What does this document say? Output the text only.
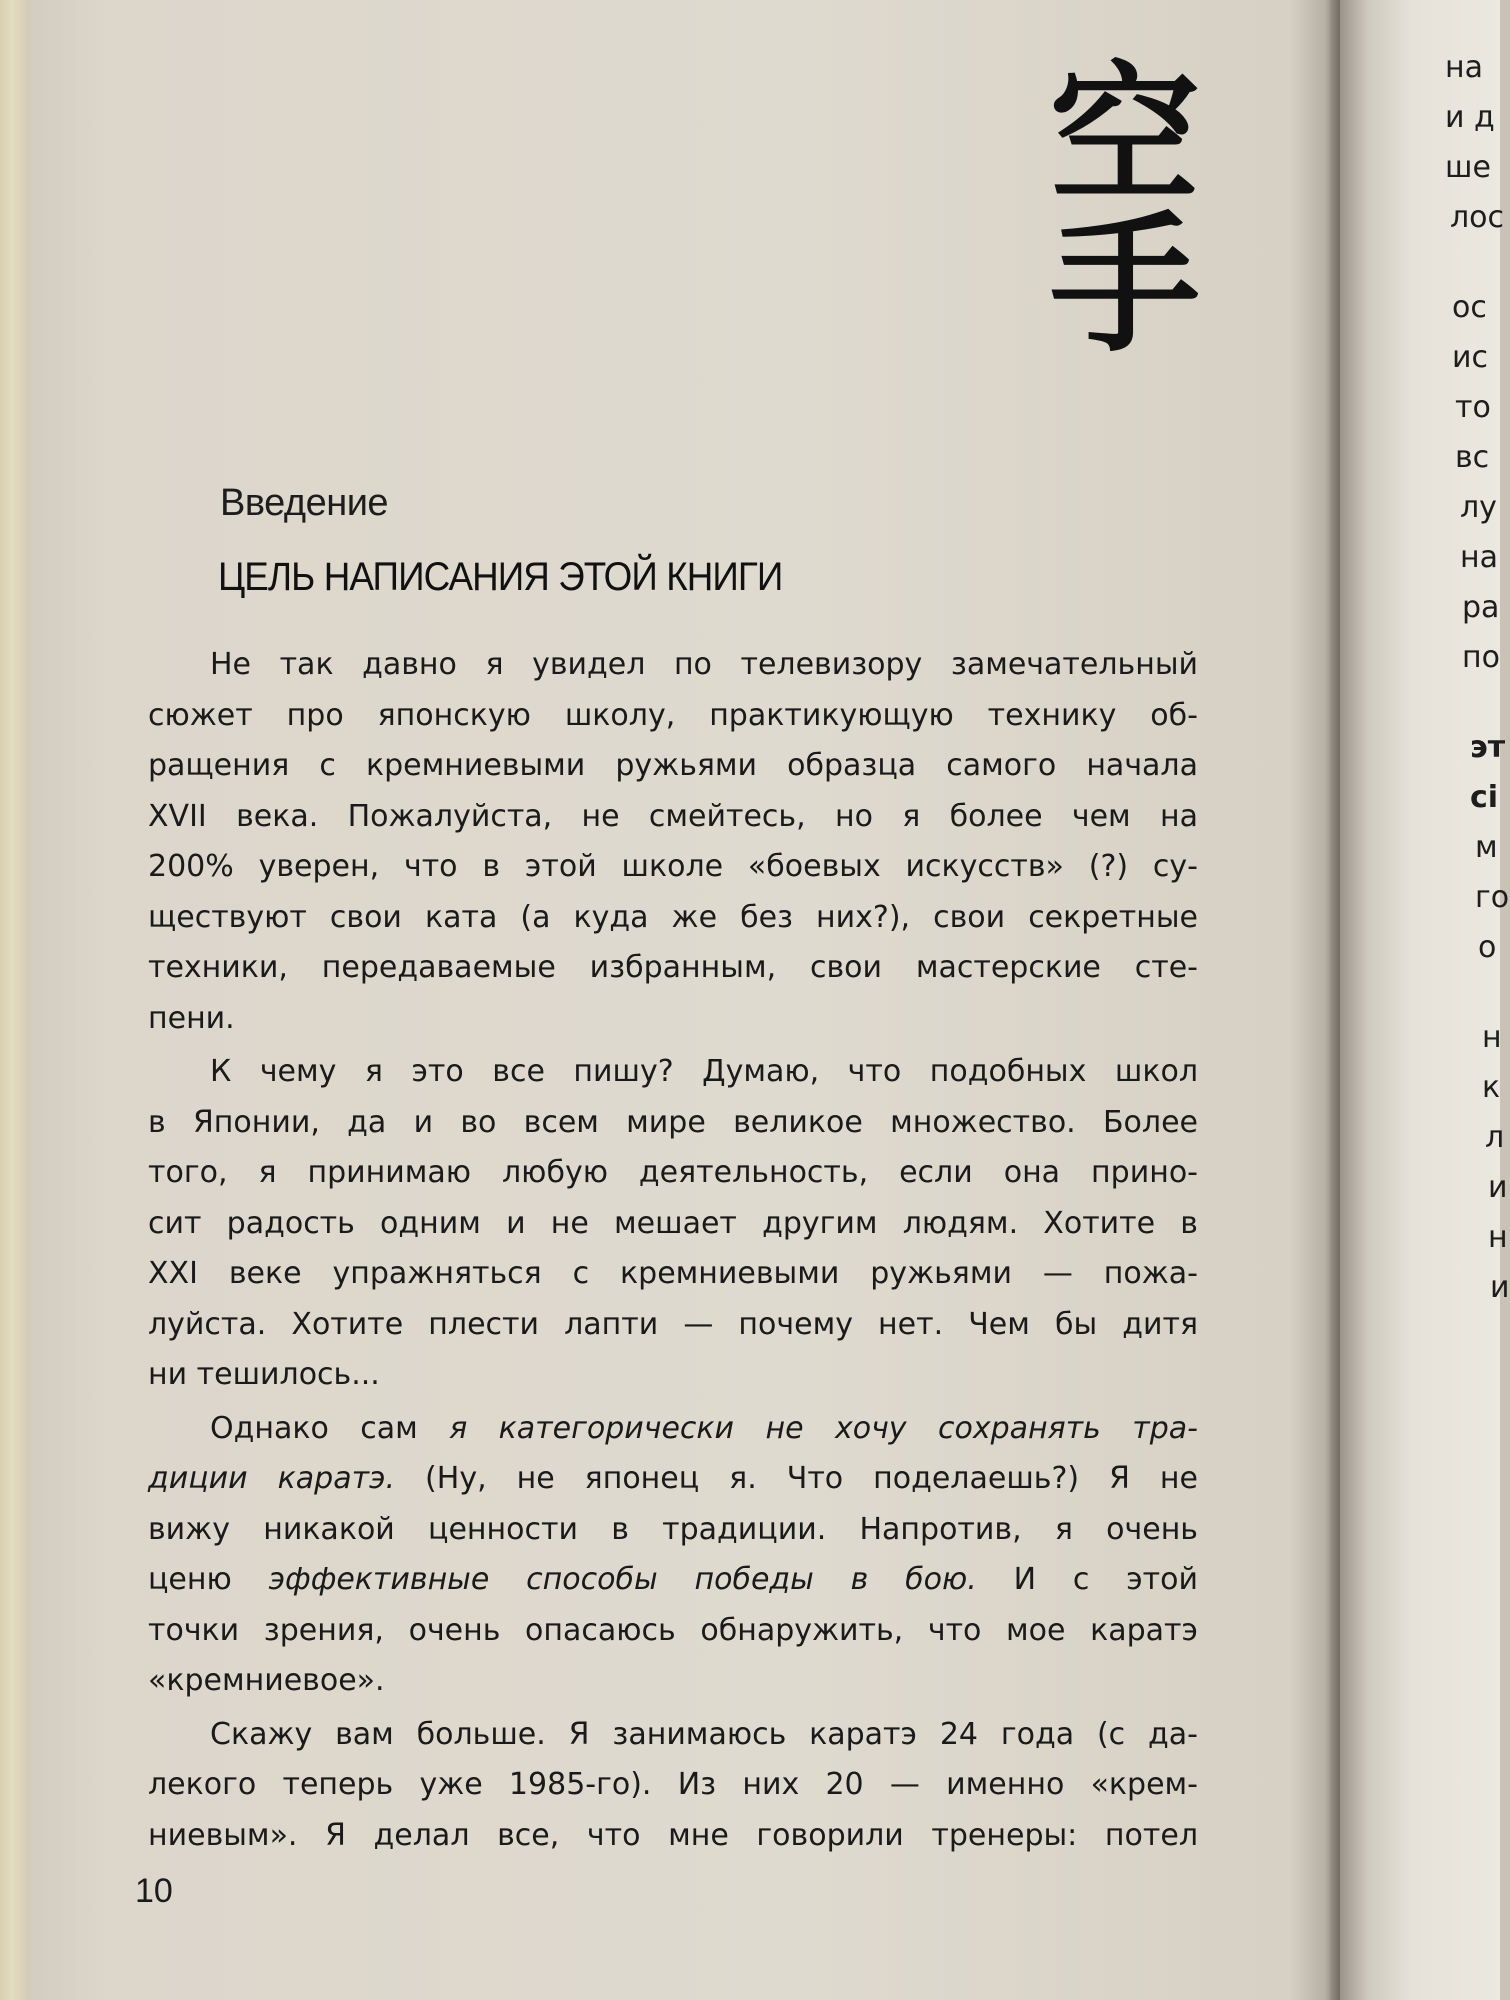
空
手
Введение
ЦЕЛЬ НАПИСАНИЯ ЭТОЙ КНИГИ
Не так давно я увидел по телевизору замечательный
сюжет про японскую школу, практикующую технику об-
ращения с кремниевыми ружьями образца самого начала
XVII века. Пожалуйста, не смейтесь, но я более чем на
200% уверен, что в этой школе «боевых искусств» (?) су-
ществуют свои ката (а куда же без них?), свои секретные
техники, передаваемые избранным, свои мастерские сте-
пени.
К чему я это все пишу? Думаю, что подобных школ
в Японии, да и во всем мире великое множество. Более
того, я принимаю любую деятельность, если она прино-
сит радость одним и не мешает другим людям. Хотите в
XXI веке упражняться с кремниевыми ружьями — пожа-
луйста. Хотите плести лапти — почему нет. Чем бы дитя
ни тешилось...
Однако сам я категорически не хочу сохранять тра-
диции каратэ. (Ну, не японец я. Что поделаешь?) Я не
вижу никакой ценности в традиции. Напротив, я очень
ценю эффективные способы победы в бою. И с этой
точки зрения, очень опасаюсь обнаружить, что мое каратэ
«кремниевое».
Скажу вам больше. Я занимаюсь каратэ 24 года (с да-
лекого теперь уже 1985-го). Из них 20 — именно «крем-
ниевым». Я делал все, что мне говорили тренеры: потел
10
на
и д
ше
лос
ос
ис
то
вс
лу
на
ра
по
эт
сі
м
го
о
н
к
л
и
н
и
